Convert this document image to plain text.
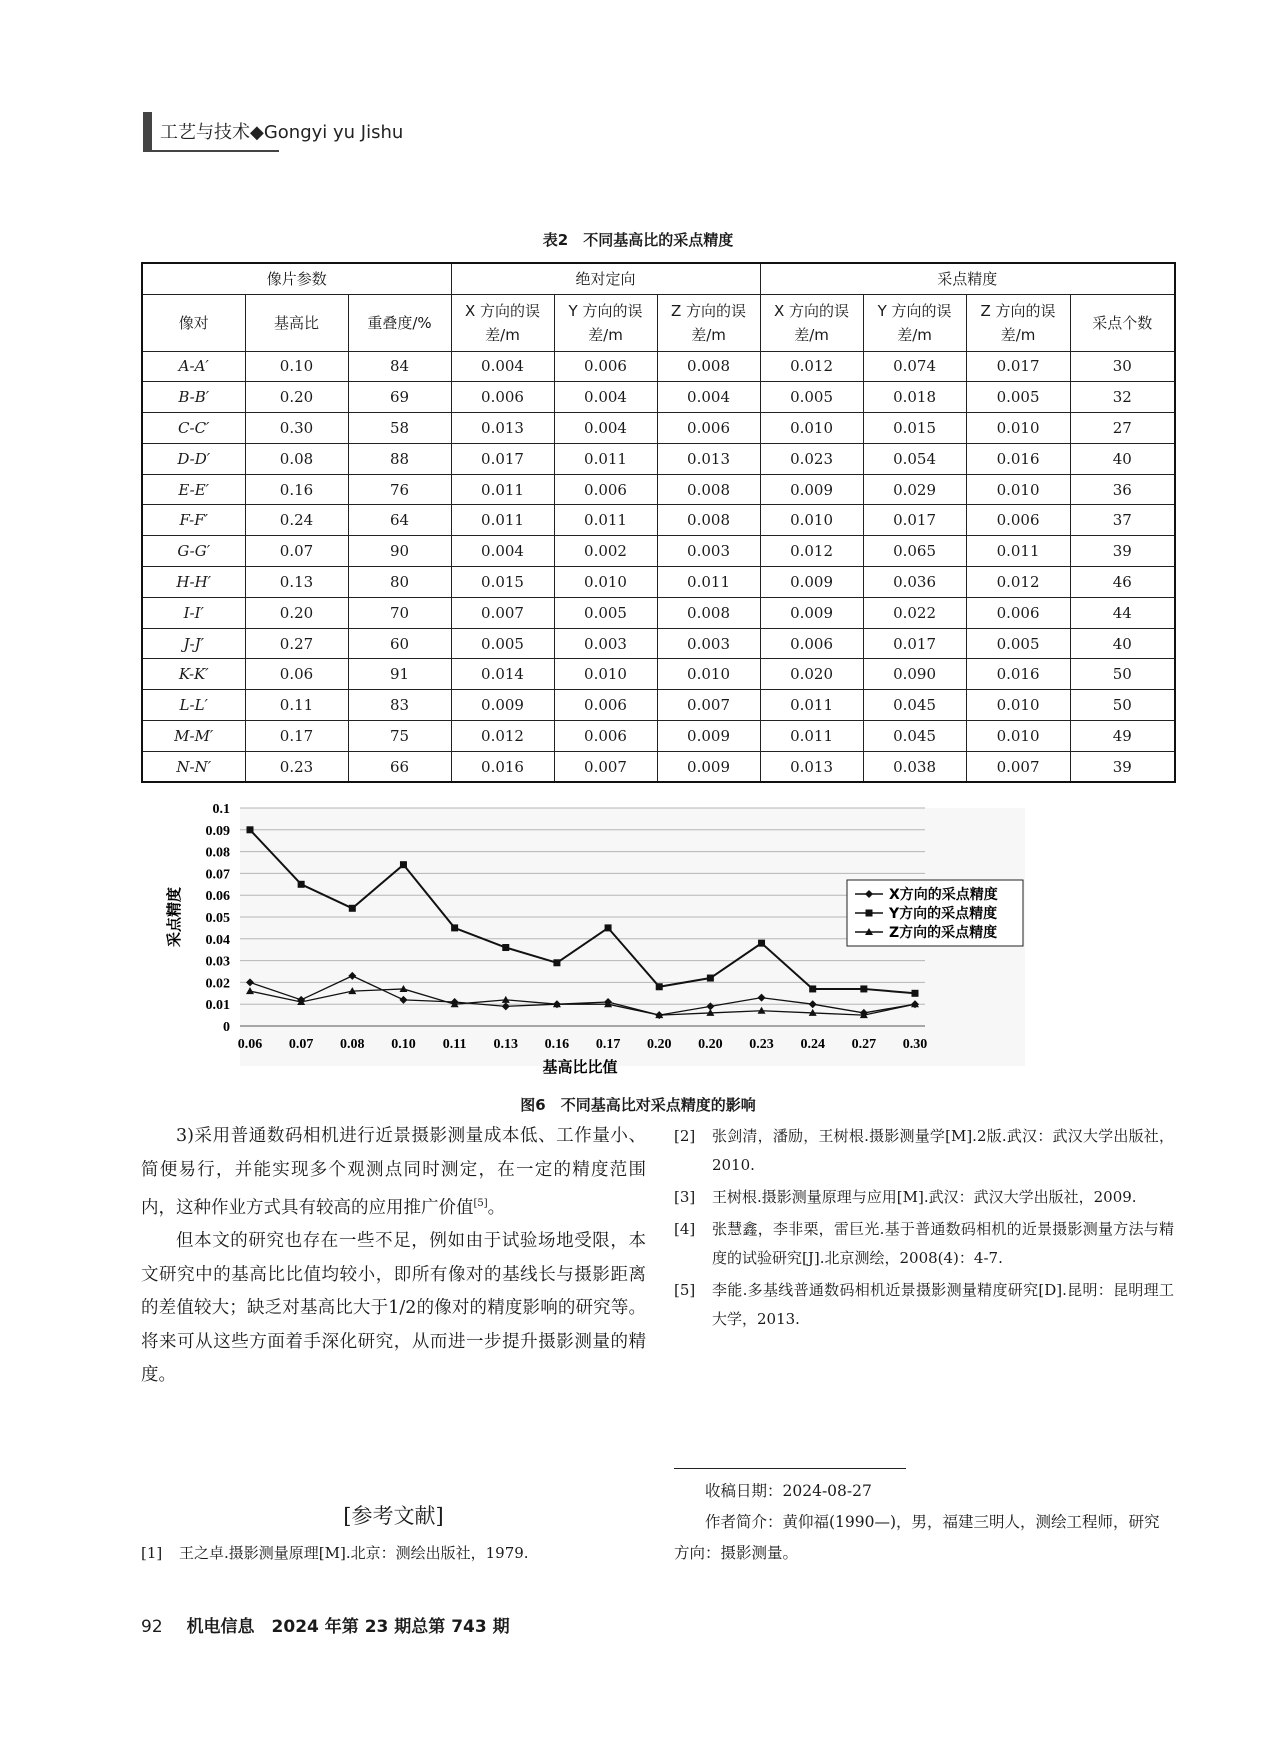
工艺与技术◆Gongyi yu Jishu
表2　不同基高比的采点精度
像片参数			绝对定向			采点精度			
像对	基高比	重叠度/%	X 方向的误差/m	Y 方向的误差/m	Z 方向的误差/m	X 方向的误差/m	Y 方向的误差/m	Z 方向的误差/m	采点个数
A-A′	0.10	84	0.004	0.006	0.008	0.012	0.074	0.017	30
B-B′	0.20	69	0.006	0.004	0.004	0.005	0.018	0.005	32
C-C′	0.30	58	0.013	0.004	0.006	0.010	0.015	0.010	27
D-D′	0.08	88	0.017	0.011	0.013	0.023	0.054	0.016	40
E-E′	0.16	76	0.011	0.006	0.008	0.009	0.029	0.010	36
F-F′	0.24	64	0.011	0.011	0.008	0.010	0.017	0.006	37
G-G′	0.07	90	0.004	0.002	0.003	0.012	0.065	0.011	39
H-H′	0.13	80	0.015	0.010	0.011	0.009	0.036	0.012	46
I-I′	0.20	70	0.007	0.005	0.008	0.009	0.022	0.006	44
J-J′	0.27	60	0.005	0.003	0.003	0.006	0.017	0.005	40
K-K′	0.06	91	0.014	0.010	0.010	0.020	0.090	0.016	50
L-L′	0.11	83	0.009	0.006	0.007	0.011	0.045	0.010	50
M-M′	0.17	75	0.012	0.006	0.009	0.011	0.045	0.010	49
N-N′	0.23	66	0.016	0.007	0.009	0.013	0.038	0.007	39
0
0.01
0.02
0.03
0.04
0.05
0.06
0.07
0.08
0.09
0.1
0.06 0.07 0.08 0.10 0.11 0.13 0.16 0.17 0.20 0.20 0.23 0.24 0.27 0.30
基高比比值
采点精度	X方向的采点精度
Y方向的采点精度
Z方向的采点精度
图6　不同基高比对采点精度的影响

3)采用普通数码相机进行近景摄影测量成本低、工作量小、简便易行，并能实现多个观测点同时测定，在一定的精度范围内，这种作业方式具有较高的应用推广价值[5]。

但本文的研究也存在一些不足，例如由于试验场地受限，本文研究中的基高比比值均较小，即所有像对的基线长与摄影距离的差值较大；缺乏对基高比大于1/2的像对的精度影响的研究等。将来可从这些方面着手深化研究，从而进一步提升摄影测量的精度。

[参考文献]
[1]	王之卓.摄影测量原理[M].北京：测绘出版社，1979.
[2]	张剑清，潘励，王树根.摄影测量学[M].2版.武汉：武汉大学出版社，2010.
[3]	王树根.摄影测量原理与应用[M].武汉：武汉大学出版社，2009.
[4]	张慧鑫，李非栗，雷巨光.基于普通数码相机的近景摄影测量方法与精度的试验研究[J].北京测绘，2008(4)：4-7.
[5]	李能.多基线普通数码相机近景摄影测量精度研究[D].昆明：昆明理工大学，2013.

收稿日期：2024-08-27

作者简介：黄仰福(1990—)，男，福建三明人，测绘工程师，研究方向：摄影测量。

92 机电信息　2024 年第 23 期总第 743 期
